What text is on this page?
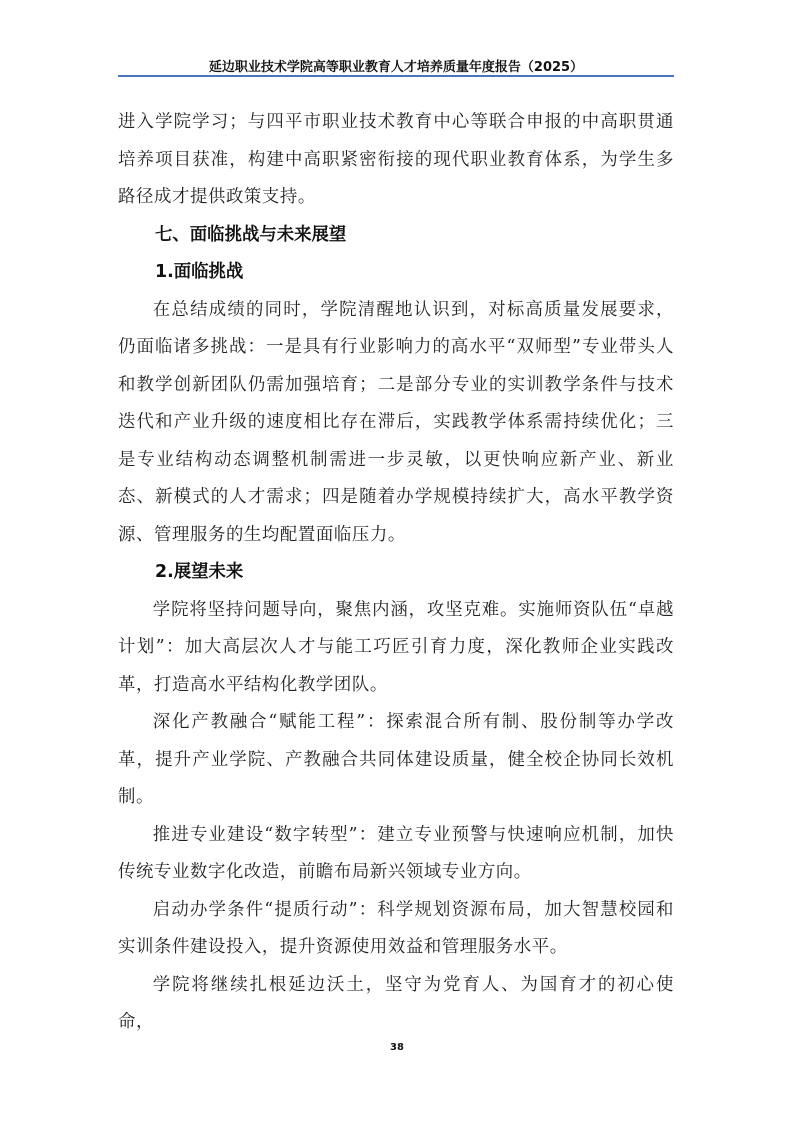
延边职业技术学院高等职业教育人才培养质量年度报告（2025）

进入学院学习；与四平市职业技术教育中心等联合申报的中高职贯通培养项目获准，构建中高职紧密衔接的现代职业教育体系，为学生多路径成才提供政策支持。

七、面临挑战与未来展望
1.面临挑战

在总结成绩的同时，学院清醒地认识到，对标高质量发展要求，仍面临诸多挑战：一是具有行业影响力的高水平“双师型”专业带头人和教学创新团队仍需加强培育；二是部分专业的实训教学条件与技术迭代和产业升级的速度相比存在滞后，实践教学体系需持续优化；三是专业结构动态调整机制需进一步灵敏，以更快响应新产业、新业态、新模式的人才需求；四是随着办学规模持续扩大，高水平教学资源、管理服务的生均配置面临压力。

2.展望未来

学院将坚持问题导向，聚焦内涵，攻坚克难。实施师资队伍“卓越计划”：加大高层次人才与能工巧匠引育力度，深化教师企业实践改革，打造高水平结构化教学团队。

深化产教融合“赋能工程”：探索混合所有制、股份制等办学改革，提升产业学院、产教融合共同体建设质量，健全校企协同长效机制。

推进专业建设“数字转型”：建立专业预警与快速响应机制，加快传统专业数字化改造，前瞻布局新兴领域专业方向。

启动办学条件“提质行动”：科学规划资源布局，加大智慧校园和实训条件建设投入，提升资源使用效益和管理服务水平。

学院将继续扎根延边沃土，坚守为党育人、为国育才的初心使命，

38
